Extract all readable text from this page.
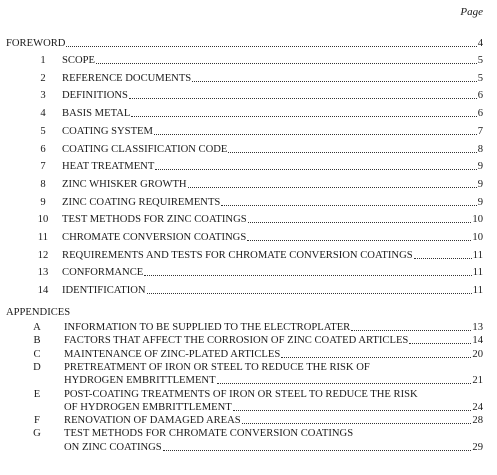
Page
FOREWORD	4
1	SCOPE	5
2	REFERENCE DOCUMENTS	5
3	DEFINITIONS	6
4	BASIS METAL	6
5	COATING SYSTEM	7
6	COATING CLASSIFICATION CODE	8
7	HEAT TREATMENT	9
8	ZINC WHISKER GROWTH	9
9	ZINC COATING REQUIREMENTS	9
10	TEST METHODS FOR ZINC COATINGS	10
11	CHROMATE CONVERSION COATINGS	10
12	REQUIREMENTS AND TESTS FOR CHROMATE CONVERSION COATINGS	11
13	CONFORMANCE	11
14	IDENTIFICATION	11
APPENDICES
A	INFORMATION TO BE SUPPLIED TO THE ELECTROPLATER	13
B	FACTORS THAT AFFECT THE CORROSION OF ZINC COATED ARTICLES	14
C	MAINTENANCE OF ZINC-PLATED ARTICLES	20
D	PRETREATMENT OF IRON OR STEEL TO REDUCE THE RISK OF
HYDROGEN EMBRITTLEMENT	21
E	POST-COATING TREATMENTS OF IRON OR STEEL TO REDUCE THE RISK
OF HYDROGEN EMBRITTLEMENT	24
F	RENOVATION OF DAMAGED AREAS	28
G	TEST METHODS FOR CHROMATE CONVERSION COATINGS
ON ZINC COATINGS	29
